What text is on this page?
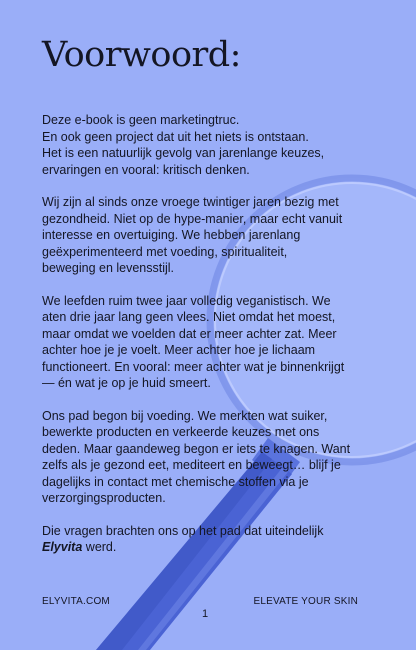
Voorwoord:
Deze e-book is geen marketingtruc.
En ook geen project dat uit het niets is ontstaan.
Het is een natuurlijk gevolg van jarenlange keuzes,
ervaringen en vooral: kritisch denken.
Wij zijn al sinds onze vroege twintiger jaren bezig met
gezondheid. Niet op de hype-manier, maar echt vanuit
interesse en overtuiging. We hebben jarenlang
geëxperimenteerd met voeding, spiritualiteit,
beweging en levensstijl.
We leefden ruim twee jaar volledig veganistisch. We
aten drie jaar lang geen vlees. Niet omdat het moest,
maar omdat we voelden dat er meer achter zat. Meer
achter hoe je je voelt. Meer achter hoe je lichaam
functioneert. En vooral: meer achter wat je binnenkrijgt
— én wat je op je huid smeert.
Ons pad begon bij voeding. We merkten wat suiker,
bewerkte producten en verkeerde keuzes met ons
deden. Maar gaandeweg begon er iets te knagen. Want
zelfs als je gezond eet, mediteert en beweegt… blijf je
dagelijks in contact met chemische stoffen via je
verzorgingsproducten.
Die vragen brachten ons op het pad dat uiteindelijk
Elyvita werd.
ELYVITA.COM	ELEVATE YOUR SKIN
1
